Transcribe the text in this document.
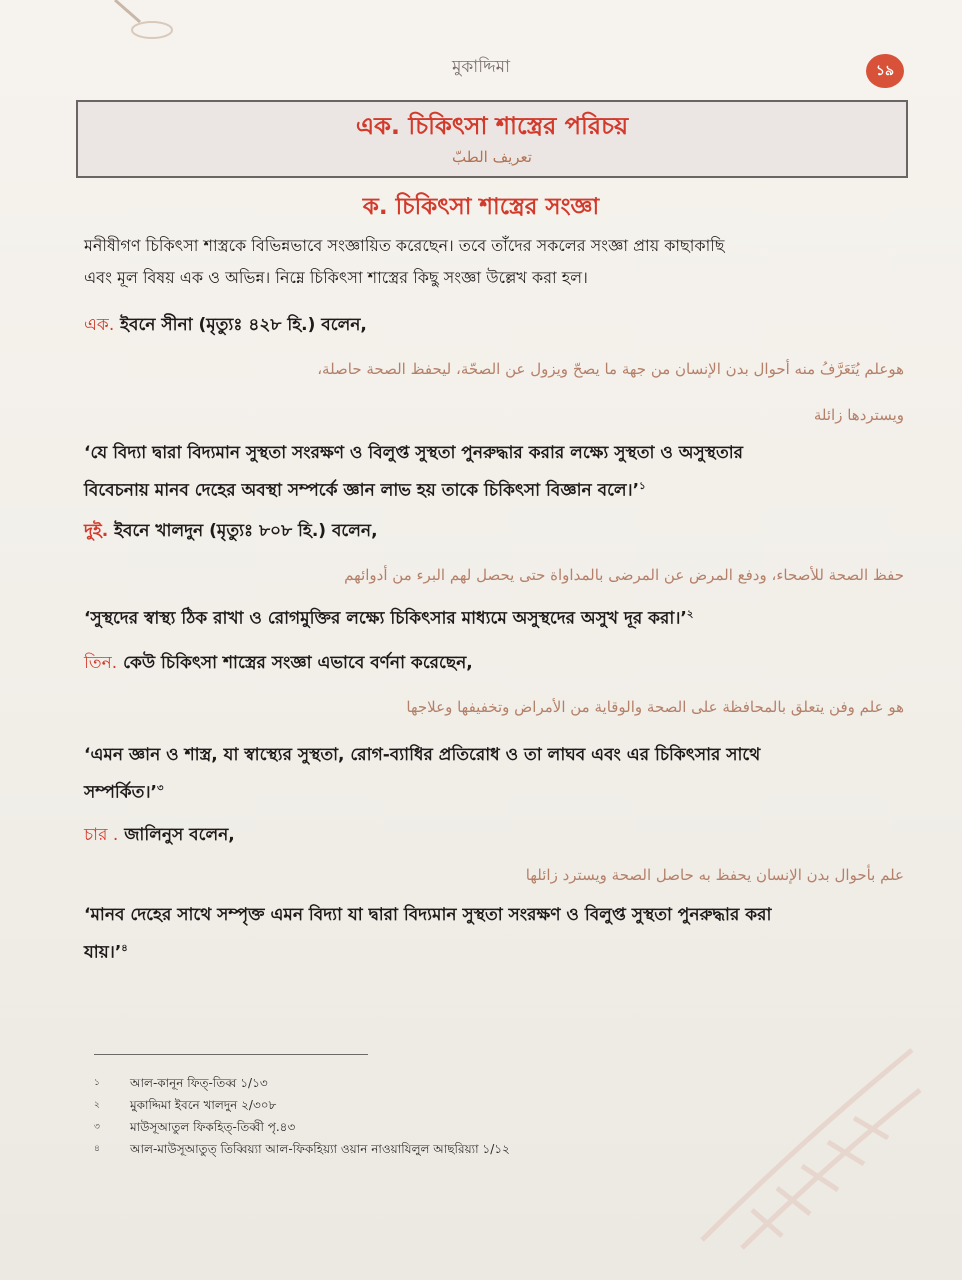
মুকাদ্দিমা	১৯
এক. চিকিৎসা শাস্ত্রের পরিচয়
تعريف الطبّ
ক. চিকিৎসা শাস্ত্রের সংজ্ঞা
মনীষীগণ চিকিৎসা শাস্ত্রকে বিভিন্নভাবে সংজ্ঞায়িত করেছেন। তবে তাঁদের সকলের সংজ্ঞা প্রায় কাছাকাছি
এবং মূল বিষয় এক ও অভিন্ন। নিম্নে চিকিৎসা শাস্ত্রের কিছু সংজ্ঞা উল্লেখ করা হল।
এক. ইবনে সীনা (মৃত্যুঃ ৪২৮ হি.) বলেন,
هوعلم يُتَعَرَّفُ منه أحوال بدن الإنسان من جهة ما يصحّ ويزول عن الصحّة، ليحفظ الصحة حاصلة،
ويستردها زائلة
‘যে বিদ্যা দ্বারা বিদ্যমান সুস্থতা সংরক্ষণ ও বিলুপ্ত সুস্থতা পুনরুদ্ধার করার লক্ষ্যে সুস্থতা ও অসুস্থতার
বিবেচনায় মানব দেহের অবস্থা সম্পর্কে জ্ঞান লাভ হয় তাকে চিকিৎসা বিজ্ঞান বলে।’$^১$
দুই. ইবনে খালদুন (মৃত্যুঃ ৮০৮ হি.) বলেন,
حفظ الصحة للأصحاء، ودفع المرض عن المرضى بالمداواة حتى يحصل لهم البرء من أدوائهم
‘সুস্থদের স্বাস্থ্য ঠিক রাখা ও রোগমুক্তির লক্ষ্যে চিকিৎসার মাধ্যমে অসুস্থদের অসুখ দূর করা।’$^২$
তিন. কেউ চিকিৎসা শাস্ত্রের সংজ্ঞা এভাবে বর্ণনা করেছেন,
هو علم وفن يتعلق بالمحافظة على الصحة والوقاية من الأمراض وتخفيفها وعلاجها
‘এমন জ্ঞান ও শাস্ত্র, যা স্বাস্থ্যের সুস্থতা, রোগ-ব্যাধির প্রতিরোধ ও তা লাঘব এবং এর চিকিৎসার সাথে
সম্পর্কিত।’$^৩$
চার . জালিনুস বলেন,
علم بأحوال بدن الإنسان يحفظ به حاصل الصحة ويسترد زائلها
‘মানব দেহের সাথে সম্পৃক্ত এমন বিদ্যা যা দ্বারা বিদ্যমান সুস্থতা সংরক্ষণ ও বিলুপ্ত সুস্থতা পুনরুদ্ধার করা
যায়।’$^৪$
১	আল-কানূন ফিত্-তিব্ব ১/১৩
২	মুকাদ্দিমা ইবনে খালদুন ২/৩০৮
৩	মাউসূআতুল ফিকহিত্-তিব্বী পৃ.৪৩
৪	আল-মাউসূআতুত্ তিব্বিয়্যা আল-ফিকহিয়্যা ওয়ান নাওয়াযিলুল আছরিয়্যা ১/১২
